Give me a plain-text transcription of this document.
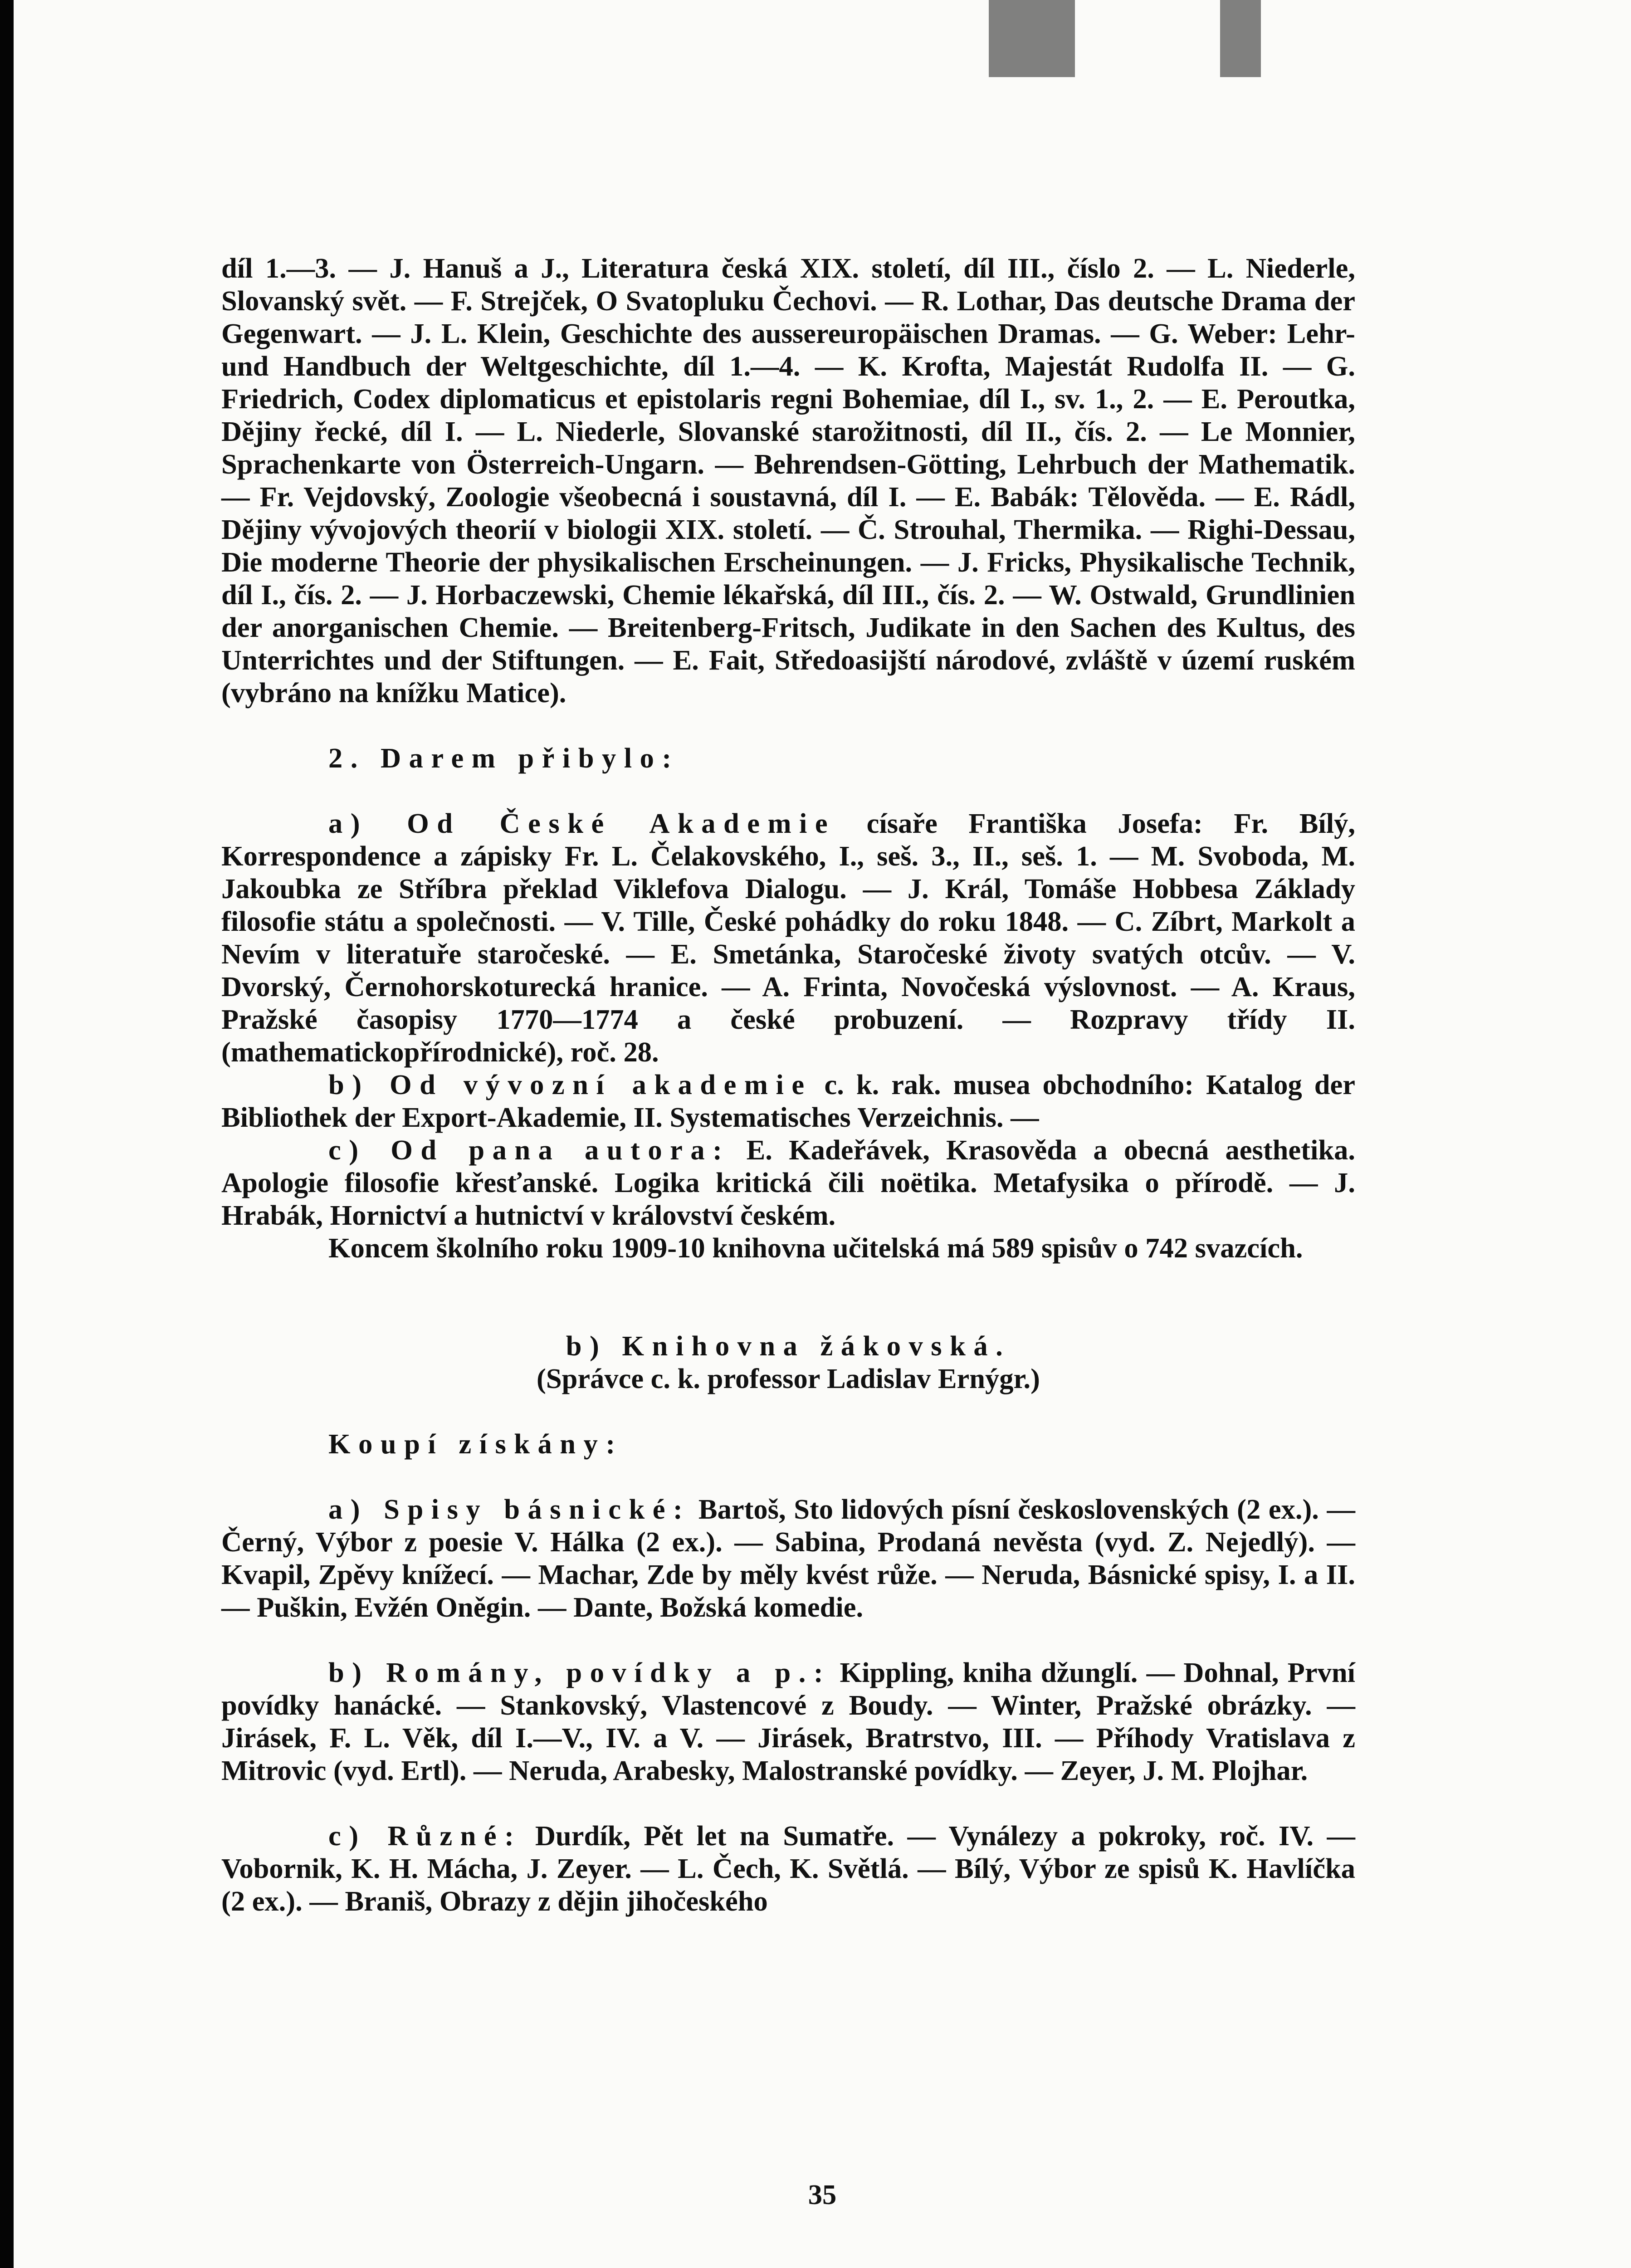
díl 1.—3. — J. Hanuš a J., Literatura česká XIX. století, díl III., číslo 2. — L. Niederle, Slovanský svět. — F. Strejček, O Svatopluku Čechovi. — R. Lothar, Das deutsche Drama der Gegenwart. — J. L. Klein, Geschichte des aussereuropäischen Dramas. — G. Weber: Lehr- und Handbuch der Weltgeschichte, díl 1.—4. — K. Krofta, Majestát Rudolfa II. — G. Friedrich, Codex diplomaticus et epistolaris regni Bohemiae, díl I., sv. 1., 2. — E. Peroutka, Dějiny řecké, díl I. — L. Niederle, Slovanské starožitnosti, díl II., čís. 2. — Le Monnier, Sprachenkarte von Österreich-Ungarn. — Behrendsen-Götting, Lehrbuch der Mathematik. — Fr. Vejdovský, Zoologie všeobecná i soustavná, díl I. — E. Babák: Tělověda. — E. Rádl, Dějiny vývojových theorií v biologii XIX. století. — Č. Strouhal, Thermika. — Righi-Dessau, Die moderne Theorie der physikalischen Erscheinungen. — J. Fricks, Physikalische Technik, díl I., čís. 2. — J. Horbaczewski, Chemie lékařská, díl III., čís. 2. — W. Ostwald, Grundlinien der anorganischen Chemie. — Breitenberg-Fritsch, Judikate in den Sachen des Kultus, des Unterrichtes und der Stiftungen. — E. Fait, Středoasijští národové, zvláště v území ruském (vybráno na knížku Matice).

2. Darem přibylo:

a) Od České Akademie císaře Františka Josefa: Fr. Bílý, Korrespondence a zápisky Fr. L. Čelakovského, I., seš. 3., II., seš. 1. — M. Svoboda, M. Jakoubka ze Stříbra překlad Viklefova Dialogu. — J. Král, Tomáše Hobbesa Základy filosofie státu a společnosti. — V. Tille, České pohádky do roku 1848. — C. Zíbrt, Markolt a Nevím v literatuře staročeské. — E. Smetánka, Staročeské životy svatých otcův. — V. Dvorský, Černohorskoturecká hranice. — A. Frinta, Novočeská výslovnost. — A. Kraus, Pražské časopisy 1770—1774 a české probuzení. — Rozpravy třídy II. (mathematickopřírodnické), roč. 28.

b) Od vývozní akademie c. k. rak. musea obchodního: Katalog der Bibliothek der Export-Akademie, II. Systematisches Verzeichnis. —

c) Od pana autora: E. Kadeřávek, Krasověda a obecná aesthetika. Apologie filosofie křesťanské. Logika kritická čili noëtika. Metafysika o přírodě. — J. Hrabák, Hornictví a hutnictví v království českém.

Koncem školního roku 1909-10 knihovna učitelská má 589 spisův o 742 svazcích.

b) Knihovna žákovská.

(Správce c. k. professor Ladislav Ernýgr.)

Koupí získány:

a) Spisy básnické: Bartoš, Sto lidových písní československých (2 ex.). — Černý, Výbor z poesie V. Hálka (2 ex.). — Sabina, Prodaná nevěsta (vyd. Z. Nejedlý). — Kvapil, Zpěvy knížecí. — Machar, Zde by měly kvést růže. — Neruda, Básnické spisy, I. a II. — Puškin, Evžén Oněgin. — Dante, Božská komedie.

b) Romány, povídky a p.: Kippling, kniha džunglí. — Dohnal, První povídky hanácké. — Stankovský, Vlastencové z Boudy. — Winter, Pražské obrázky. — Jirásek, F. L. Věk, díl I.—V., IV. a V. — Jirásek, Bratrstvo, III. — Příhody Vratislava z Mitrovic (vyd. Ertl). — Neruda, Arabesky, Malostranské povídky. — Zeyer, J. M. Plojhar.

c) Různé: Durdík, Pět let na Sumatře. — Vynálezy a pokroky, roč. IV. — Vobornik, K. H. Mácha, J. Zeyer. — L. Čech, K. Světlá. — Bílý, Výbor ze spisů K. Havlíčka (2 ex.). — Braniš, Obrazy z dějin jihočeského

35
